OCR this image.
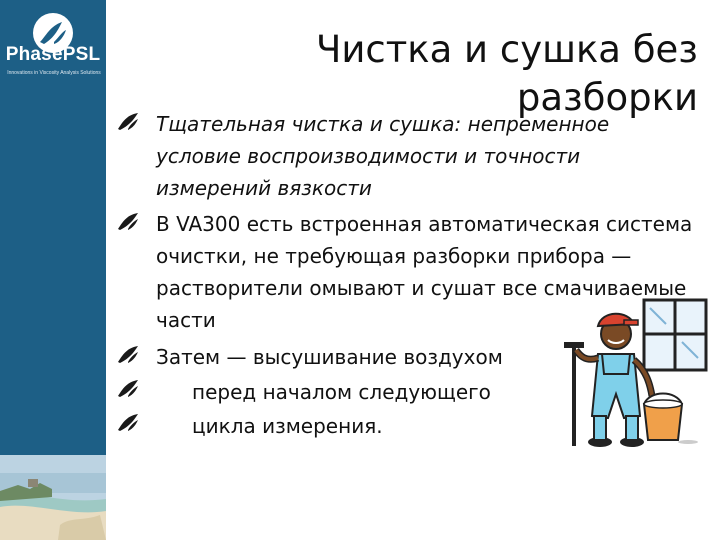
PhasePSL
Innovations in Viscosity Analysis Solutions
Чистка и сушка без разборки
Тщательная чистка и сушка: непременное условие воспроизводимости и точности измерений вязкости
В VA300 есть встроенная автоматическая система очистки, не требующая разборки прибора — растворители омывают и сушат все смачиваемые части
Затем — высушивание воздухом
перед началом следующего
цикла измерения.
